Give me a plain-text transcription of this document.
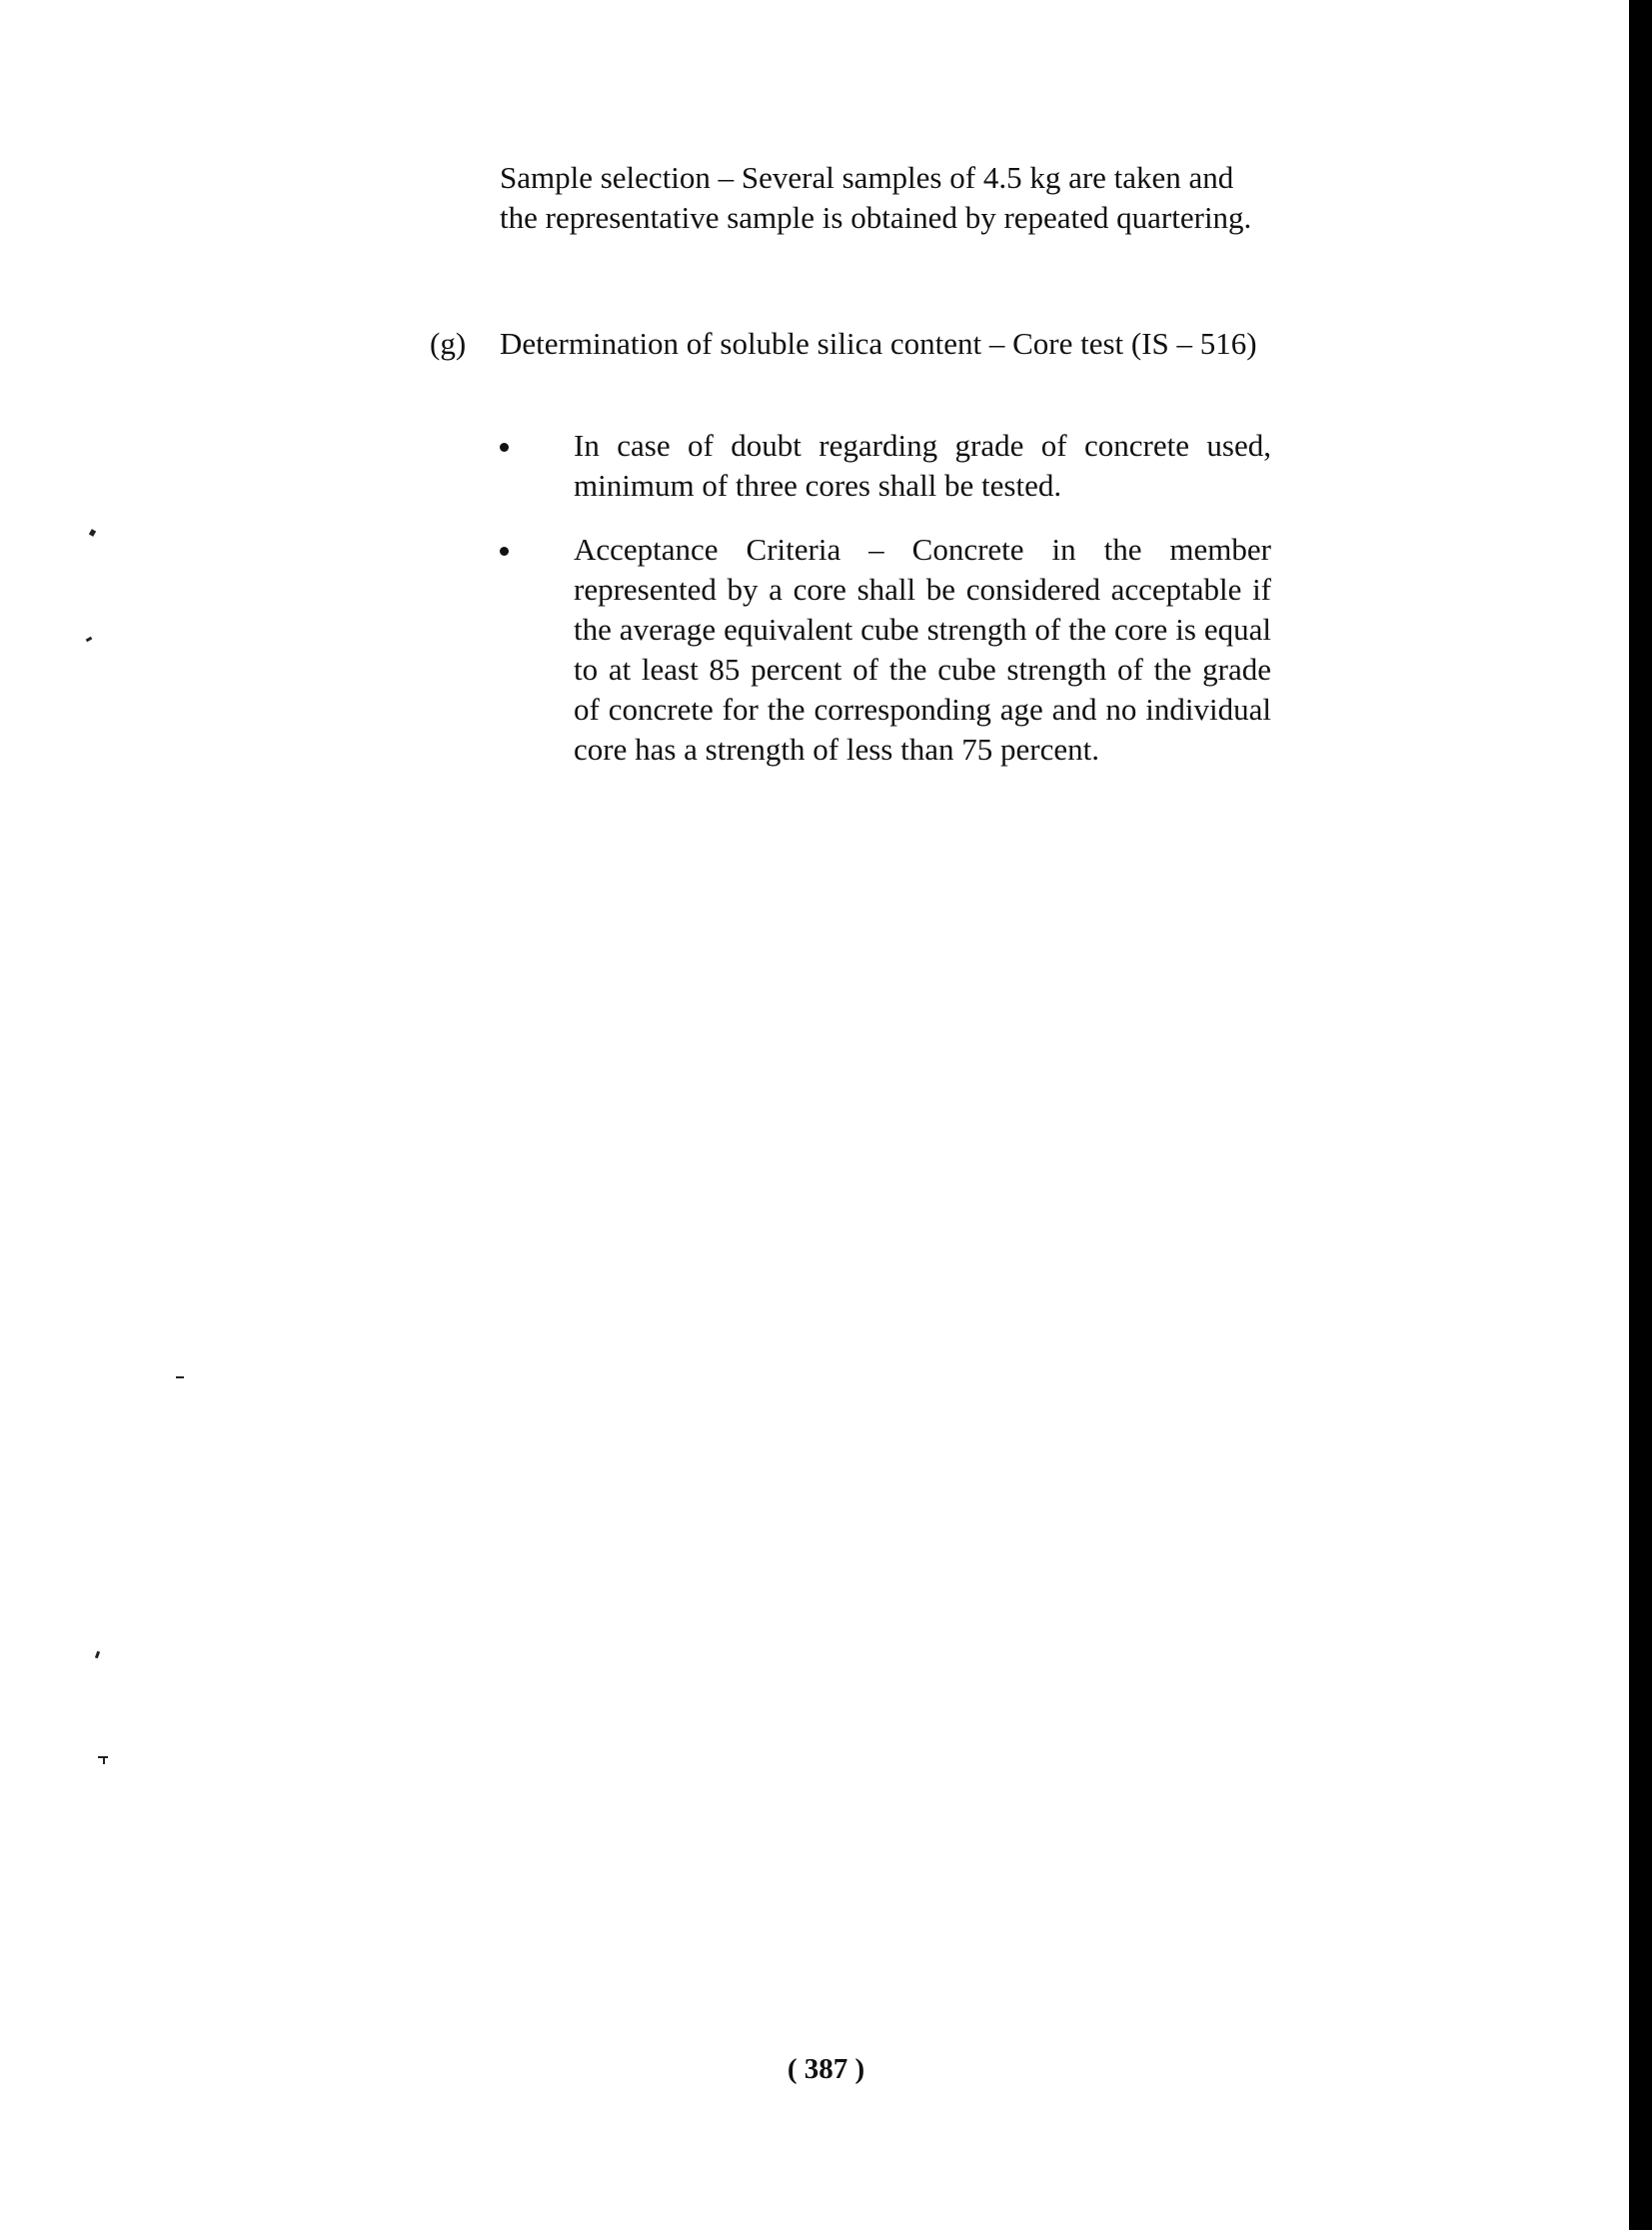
Sample selection – Several samples of 4.5 kg are taken and the representative sample is obtained by repeated quartering.

(g) Determination of soluble silica content – Core test (IS – 516)
In case of doubt regarding grade of concrete used, minimum of three cores shall be tested.
Acceptance Criteria – Concrete in the member represented by a core shall be considered acceptable if the average equivalent cube strength of the core is equal to at least 85 percent of the cube strength of the grade of concrete for the corresponding age and no individual core has a strength of less than 75 percent.
( 387 )
